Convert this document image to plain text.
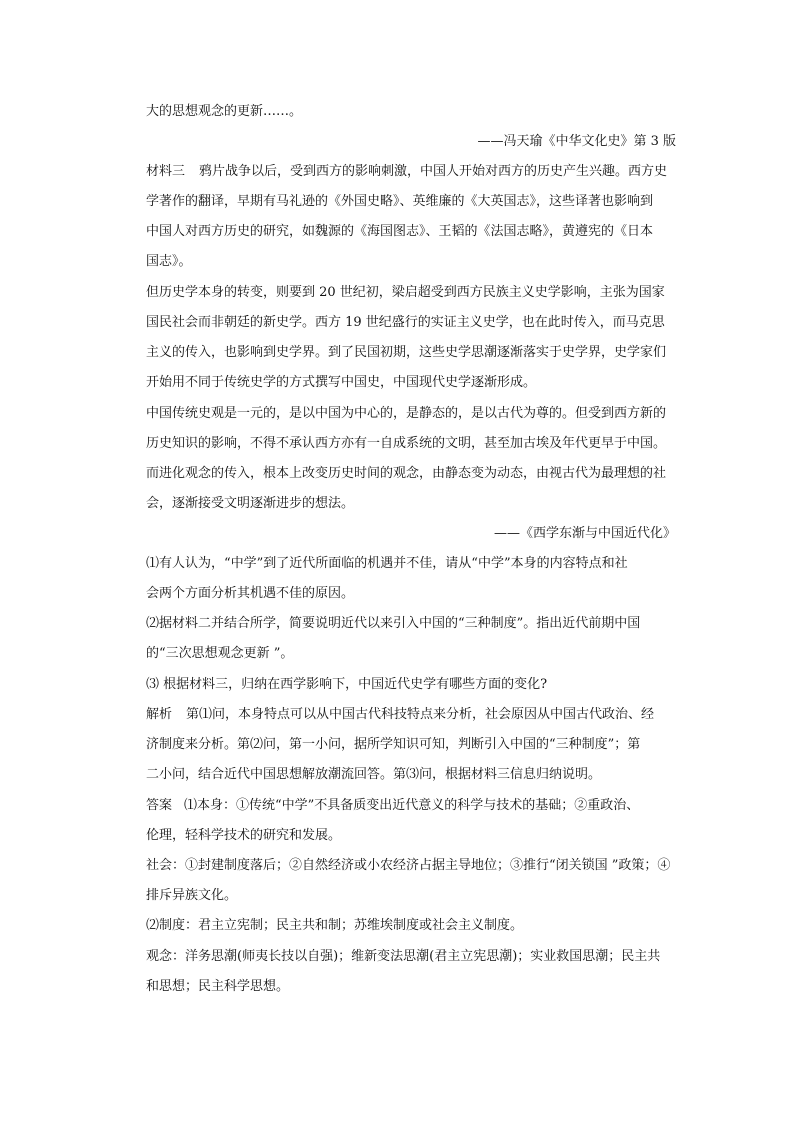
大的思想观念的更新……。
——冯天瑜《中华文化史》第 3 版
材料三 鸦片战争以后，受到西方的影响刺激，中国人开始对西方的历史产生兴趣。西方史
学著作的翻译，早期有马礼逊的《外国史略》、英维廉的《大英国志》，这些译著也影响到
中国人对西方历史的研究，如魏源的《海国图志》、王韬的《法国志略》，黄遵宪的《日本
国志》。
但历史学本身的转变，则要到 20 世纪初，梁启超受到西方民族主义史学影响，主张为国家
国民社会而非朝廷的新史学。西方 19 世纪盛行的实证主义史学，也在此时传入，而马克思
主义的传入，也影响到史学界。到了民国初期，这些史学思潮逐渐落实于史学界，史学家们
开始用不同于传统史学的方式撰写中国史，中国现代史学逐渐形成。
中国传统史观是一元的，是以中国为中心的，是静态的，是以古代为尊的。但受到西方新的
历史知识的影响，不得不承认西方亦有一自成系统的文明，甚至加古埃及年代更早于中国。
而进化观念的传入，根本上改变历史时间的观念，由静态变为动态，由视古代为最理想的社
会，逐渐接受文明逐渐进步的想法。
——《西学东渐与中国近代化》
⑴有人认为，“中学”到了近代所面临的机遇并不佳，请从“中学”本身的内容特点和社
会两个方面分析其机遇不佳的原因。
⑵据材料二并结合所学，简要说明近代以来引入中国的“三种制度”。指出近代前期中国
的“三次思想观念更新 ”。
⑶ 根据材料三，归纳在西学影响下，中国近代史学有哪些方面的变化?
解析 第⑴问，本身特点可以从中国古代科技特点来分析，社会原因从中国古代政治、经
济制度来分析。第⑵问，第一小问，据所学知识可知，判断引入中国的“三种制度”；第
二小问，结合近代中国思想解放潮流回答。第⑶问，根据材料三信息归纳说明。
答案 ⑴本身：①传统“中学”不具备质变出近代意义的科学与技术的基础；②重政治、
伦理，轻科学技术的研究和发展。
社会：①封建制度落后；②自然经济或小农经济占据主导地位；③推行“闭关锁国 ”政策；④
排斥异族文化。
⑵制度：君主立宪制；民主共和制；苏维埃制度或社会主义制度。
观念：洋务思潮(师夷长技以自强)；维新变法思潮(君主立宪思潮)；实业救国思潮；民主共
和思想；民主科学思想。
